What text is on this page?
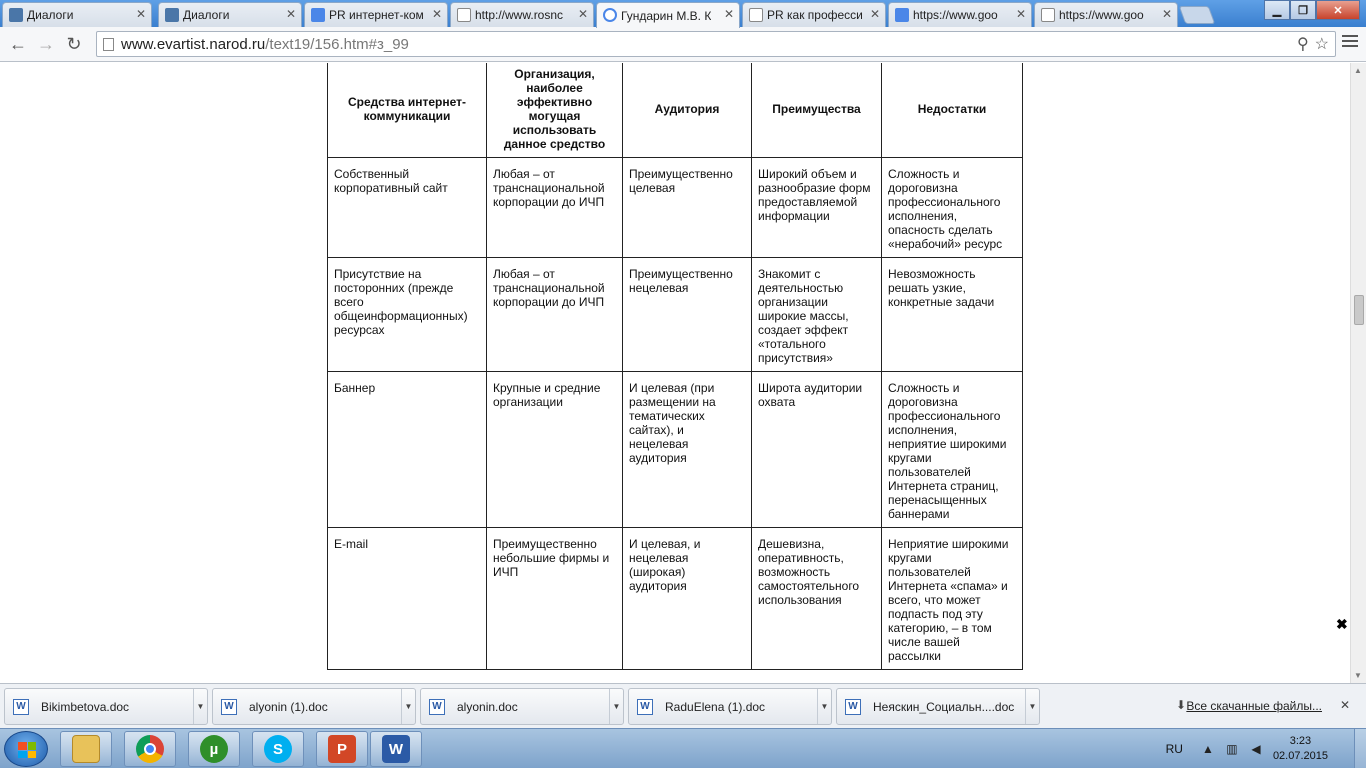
Диалоги	✕	Диалоги	✕	PR интернет-ком ✕	http://www.rosnc ✕	Гундарин М.В. К ✕	PR как професси ✕	https://www.goo ✕	https://www.goo ✕	▁	❐	✕
← → ↻	www.evartist.narod.ru /text19/156.htm#з_99	⚲ ☆
Средства интернет-коммуникации	Организация, наиболее эффективно могущая использовать данное средство	Аудитория	Преимущества	Недостатки
Собственный корпоративный сайт	Любая – от транснациональной корпорации до ИЧП	Преимущественно целевая	Широкий объем и разнообразие форм предоставляемой информации	Сложность и дороговизна профессионального исполнения, опасность сделать «нерабочий» ресурс
Присутствие на посторонних (прежде всего общеинформационных) ресурсах	Любая – от транснациональной корпорации до ИЧП	Преимущественно нецелевая	Знакомит с деятельностью организации широкие массы, создает эффект «тотального присутствия»	Невозможность решать узкие, конкретные задачи
Баннер	Крупные и средние организации	И целевая (при размещении на тематических сайтах), и нецелевая аудитория	Широта аудитории охвата	Сложность и дороговизна профессионального исполнения, неприятие широкими кругами пользователей Интернета страниц, перенасыщенных баннерами
E-mail	Преимущественно небольшие фирмы и ИЧП	И целевая, и нецелевая (широкая) аудитория	Дешевизна, оперативность, возможность самостоятельного использования	Неприятие широкими кругами пользователей Интернета «спама» и всего, что может подпасть под эту категорию, – в том числе вашей рассылки
▲
▼
✖
W Bikimbetova.doc	▼	W alyonin (1).doc	▼	W alyonin.doc	▼	W RaduElena (1).doc	▼	W Неяскин_Социальн....doc	▼	⬇ Все скачанные файлы... ✕
µ	S	P	W	RU ▲ ▥ ◀
3:23
02.07.2015
